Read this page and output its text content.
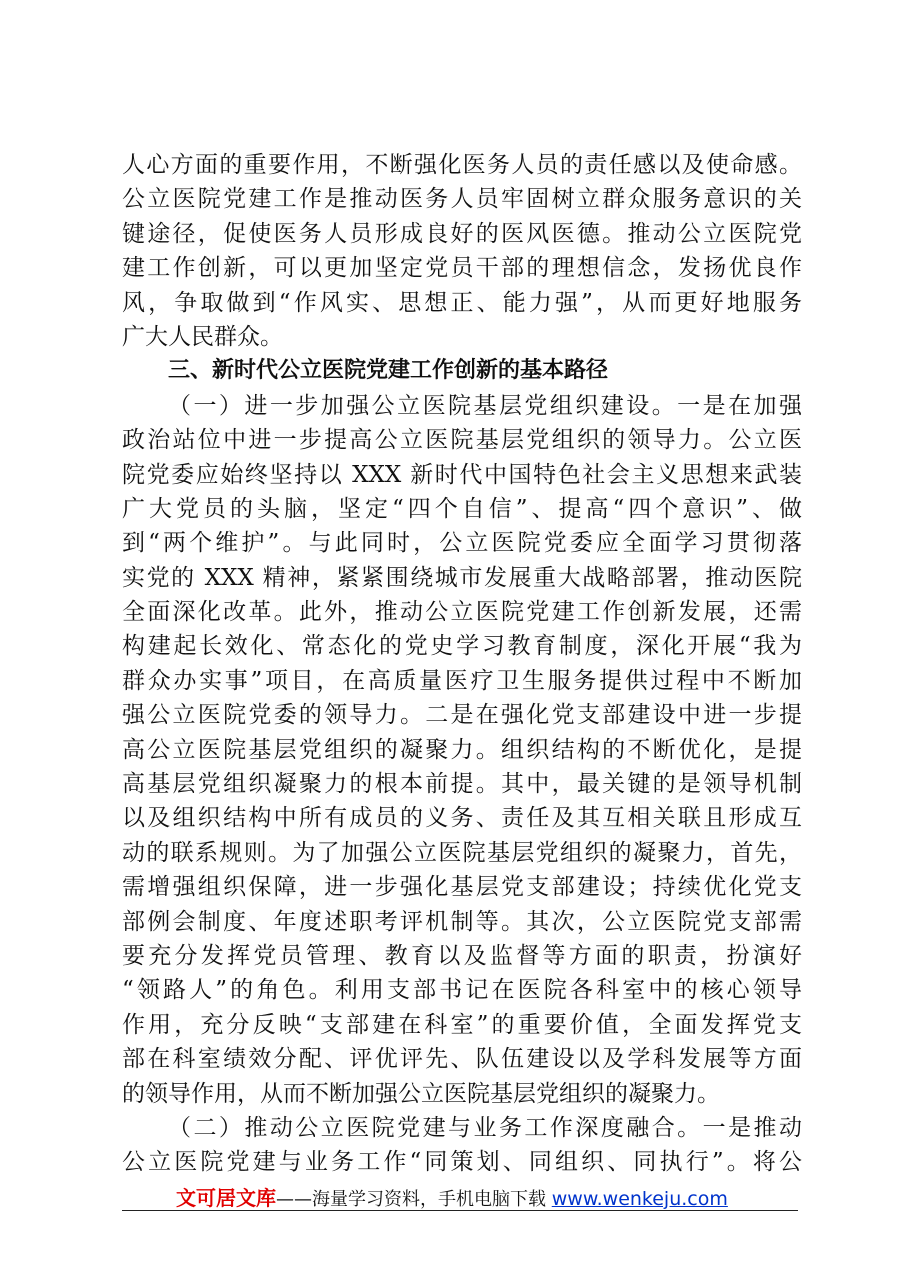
人心方面的重要作用，不断强化医务人员的责任感以及使命感。
公立医院党建工作是推动医务人员牢固树立群众服务意识的关
键途径，促使医务人员形成良好的医风医德。推动公立医院党
建工作创新，可以更加坚定党员干部的理想信念，发扬优良作
风，争取做到“作风实、思想正、能力强”，从而更好地服务
广大人民群众。
三、新时代公立医院党建工作创新的基本路径
（一）进一步加强公立医院基层党组织建设。一是在加强
政治站位中进一步提高公立医院基层党组织的领导力。公立医
院党委应始终坚持以 XXX 新时代中国特色社会主义思想来武装
广大党员的头脑，坚定“四个自信”、提高“四个意识”、做
到“两个维护”。与此同时，公立医院党委应全面学习贯彻落
实党的 XXX 精神，紧紧围绕城市发展重大战略部署，推动医院
全面深化改革。此外，推动公立医院党建工作创新发展，还需
构建起长效化、常态化的党史学习教育制度，深化开展“我为
群众办实事”项目，在高质量医疗卫生服务提供过程中不断加
强公立医院党委的领导力。二是在强化党支部建设中进一步提
高公立医院基层党组织的凝聚力。组织结构的不断优化，是提
高基层党组织凝聚力的根本前提。其中，最关键的是领导机制
以及组织结构中所有成员的义务、责任及其互相关联且形成互
动的联系规则。为了加强公立医院基层党组织的凝聚力，首先，
需增强组织保障，进一步强化基层党支部建设；持续优化党支
部例会制度、年度述职考评机制等。其次，公立医院党支部需
要充分发挥党员管理、教育以及监督等方面的职责，扮演好
“领路人”的角色。利用支部书记在医院各科室中的核心领导
作用，充分反映“支部建在科室”的重要价值，全面发挥党支
部在科室绩效分配、评优评先、队伍建设以及学科发展等方面
的领导作用，从而不断加强公立医院基层党组织的凝聚力。
（二）推动公立医院党建与业务工作深度融合。一是推动
公立医院党建与业务工作“同策划、同组织、同执行”。将公
文可居文库——海量学习资料，手机电脑下载 www.wenkeju.com
